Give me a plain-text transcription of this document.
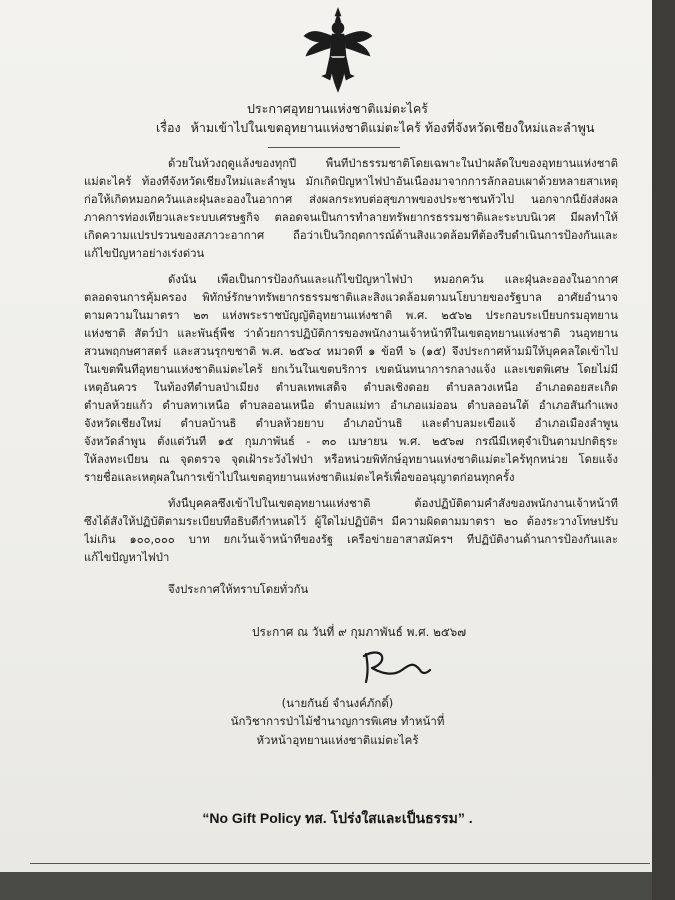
ประกาศอุทยานแห่งชาติแม่ตะไคร้
เรื่อง ห้ามเข้าไปในเขตอุทยานแห่งชาติแม่ตะไคร้ ท้องที่จังหวัดเชียงใหม่และลำพูน
ด้วยในห้วงฤดูแล้งของทุกปี พื้นที่ป่าธรรมชาติโดยเฉพาะในป่าผลัดใบของอุทยานแห่งชาติ
แม่ตะไคร้ ท้องที่จังหวัดเชียงใหม่และลำพูน มักเกิดปัญหาไฟป่าอันเนื่องมาจากการลักลอบเผาด้วยหลายสาเหตุ
ก่อให้เกิดหมอกควันและฝุ่นละอองในอากาศ ส่งผลกระทบต่อสุขภาพของประชาชนทั่วไป นอกจากนี้ยังส่งผล
ภาคการท่องเที่ยวและระบบเศรษฐกิจ ตลอดจนเป็นการทำลายทรัพยากรธรรมชาติและระบบนิเวศ มีผลทำให้
เกิดความแปรปรวนของสภาวะอากาศ ถือว่าเป็นวิกฤตการณ์ด้านสิ่งแวดล้อมที่ต้องรีบดำเนินการป้องกันและ
แก้ไขปัญหาอย่างเร่งด่วน
ดังนั้น เพื่อเป็นการป้องกันและแก้ไขปัญหาไฟป่า หมอกควัน และฝุ่นละอองในอากาศ
ตลอดจนการคุ้มครอง พิทักษ์รักษาทรัพยากรธรรมชาติและสิ่งแวดล้อมตามนโยบายของรัฐบาล อาศัยอำนาจ
ตามความในมาตรา ๒๓ แห่งพระราชบัญญัติอุทยานแห่งชาติ พ.ศ. ๒๕๖๒ ประกอบระเบียบกรมอุทยาน
แห่งชาติ สัตว์ป่า และพันธุ์พืช ว่าด้วยการปฏิบัติการของพนักงานเจ้าหน้าที่ในเขตอุทยานแห่งชาติ วนอุทยาน
สวนพฤกษศาสตร์ และสวนรุกขชาติ พ.ศ. ๒๕๖๔ หมวดที่ ๑ ข้อที่ ๖ (๑๕) จึงประกาศห้ามมิให้บุคคลใดเข้าไป
ในเขตพื้นที่อุทยานแห่งชาติแม่ตะไคร้ ยกเว้นในเขตบริการ เขตนันทนาการกลางแจ้ง และเขตพิเศษ โดยไม่มี
เหตุอันควร ในท้องที่ตำบลป่าเมี่ยง ตำบลเทพเสด็จ ตำบลเชิงดอย ตำบลลวงเหนือ อำเภอดอยสะเก็ด
ตำบลห้วยแก้ว ตำบลทาเหนือ ตำบลออนเหนือ ตำบลแม่ทา อำเภอแม่ออน ตำบลออนใต้ อำเภอสันกำแพง
จังหวัดเชียงใหม่ ตำบลบ้านธิ ตำบลห้วยยาบ อำเภอบ้านธิ และตำบลมะเขือแจ้ อำเภอเมืองลำพูน
จังหวัดลำพูน ตั้งแต่วันที่ ๑๕ กุมภาพันธ์ - ๓๐ เมษายน พ.ศ. ๒๕๖๗ กรณีมีเหตุจำเป็นตามปกติธุระ
ให้ลงทะเบียน ณ จุดตรวจ จุดเฝ้าระวังไฟป่า หรือหน่วยพิทักษ์อุทยานแห่งชาติแม่ตะไคร้ทุกหน่วย โดยแจ้ง
รายชื่อและเหตุผลในการเข้าไปในเขตอุทยานแห่งชาติแม่ตะไคร้เพื่อขออนุญาตก่อนทุกครั้ง
ทั้งนี้บุคคลซึ่งเข้าไปในเขตอุทยานแห่งชาติ ต้องปฏิบัติตามคำสั่งของพนักงานเจ้าหน้าที่
ซึ่งได้สั่งให้ปฏิบัติตามระเบียบที่อธิบดีกำหนดไว้ ผู้ใดไม่ปฏิบัติฯ มีความผิดตามมาตรา ๒๐ ต้องระวางโทษปรับ
ไม่เกิน ๑๐๐,๐๐๐ บาท ยกเว้นเจ้าหน้าที่ของรัฐ เครือข่ายอาสาสมัครฯ ที่ปฏิบัติงานด้านการป้องกันและ
แก้ไขปัญหาไฟป่า
จึงประกาศให้ทราบโดยทั่วกัน
ประกาศ ณ วันที่ ๙ กุมภาพันธ์ พ.ศ. ๒๕๖๗
(นายกันย์ จำนงค์ภักดิ์)
นักวิชาการป่าไม้ชำนาญการพิเศษ ทำหน้าที่
หัวหน้าอุทยานแห่งชาติแม่ตะไคร้
“No Gift Policy ทส. โปร่งใสและเป็นธรรม” .
